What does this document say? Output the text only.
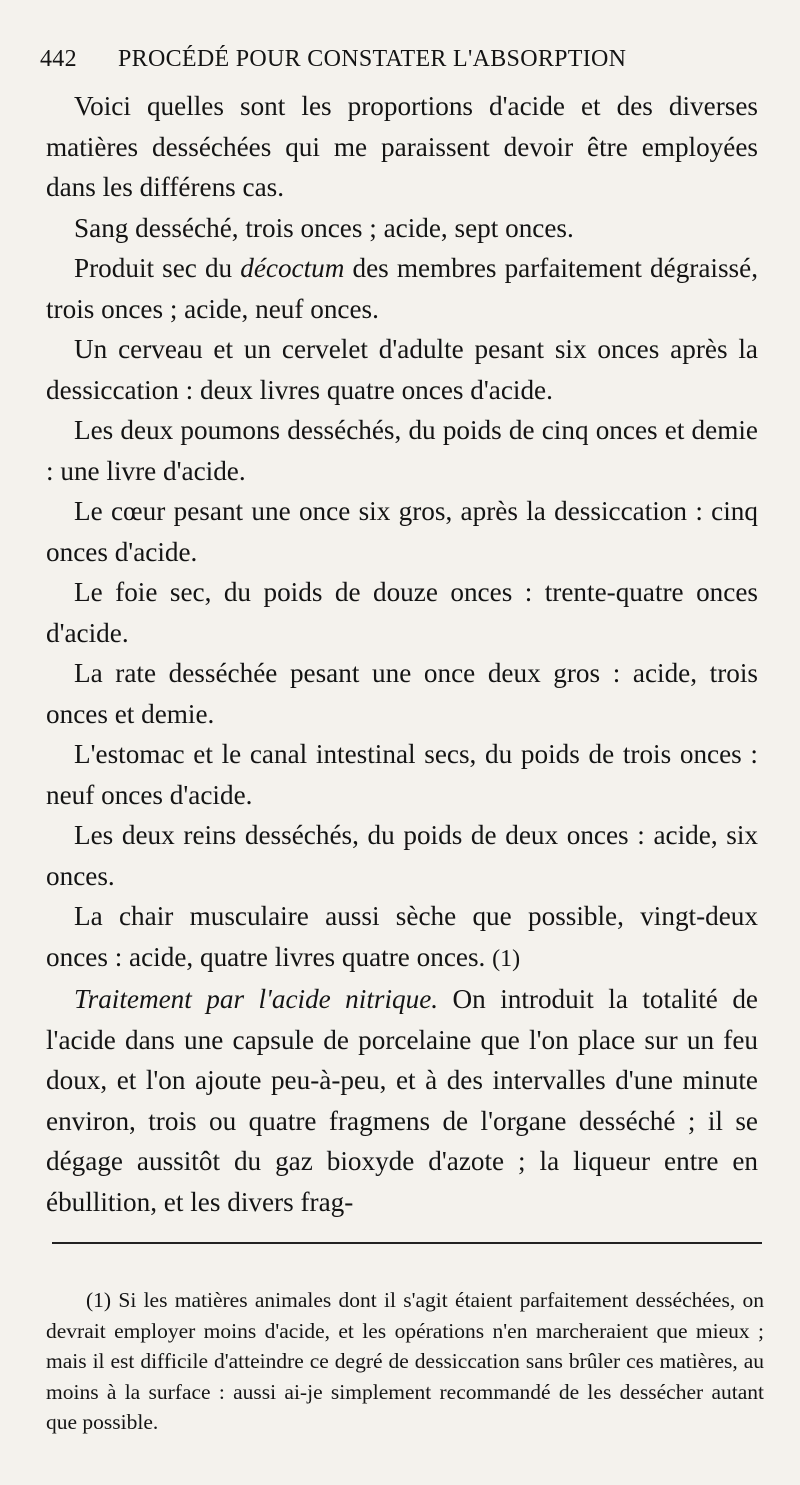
442 PROCÉDÉ POUR CONSTATER L'ABSORPTION

Voici quelles sont les proportions d'acide et des diverses matières desséchées qui me paraissent devoir être employées dans les différens cas.

Sang desséché, trois onces ; acide, sept onces.

Produit sec du décoctum des membres parfaitement dégraissé, trois onces ; acide, neuf onces.

Un cerveau et un cervelet d'adulte pesant six onces après la dessiccation : deux livres quatre onces d'acide.

Les deux poumons desséchés, du poids de cinq onces et demie : une livre d'acide.

Le cœur pesant une once six gros, après la dessiccation : cinq onces d'acide.

Le foie sec, du poids de douze onces : trente-quatre onces d'acide.

La rate desséchée pesant une once deux gros : acide, trois onces et demie.

L'estomac et le canal intestinal secs, du poids de trois onces : neuf onces d'acide.

Les deux reins desséchés, du poids de deux onces : acide, six onces.

La chair musculaire aussi sèche que possible, vingt-deux onces : acide, quatre livres quatre onces. (1)

Traitement par l'acide nitrique. On introduit la totalité de l'acide dans une capsule de porcelaine que l'on place sur un feu doux, et l'on ajoute peu-à-peu, et à des intervalles d'une minute environ, trois ou quatre fragmens de l'organe desséché ; il se dégage aussitôt du gaz bioxyde d'azote ; la liqueur entre en ébullition, et les divers frag-

(1) Si les matières animales dont il s'agit étaient parfaitement desséchées, on devrait employer moins d'acide, et les opérations n'en marcheraient que mieux ; mais il est difficile d'atteindre ce degré de dessiccation sans brûler ces matières, au moins à la surface : aussi ai-je simplement recommandé de les dessécher autant que possible.
